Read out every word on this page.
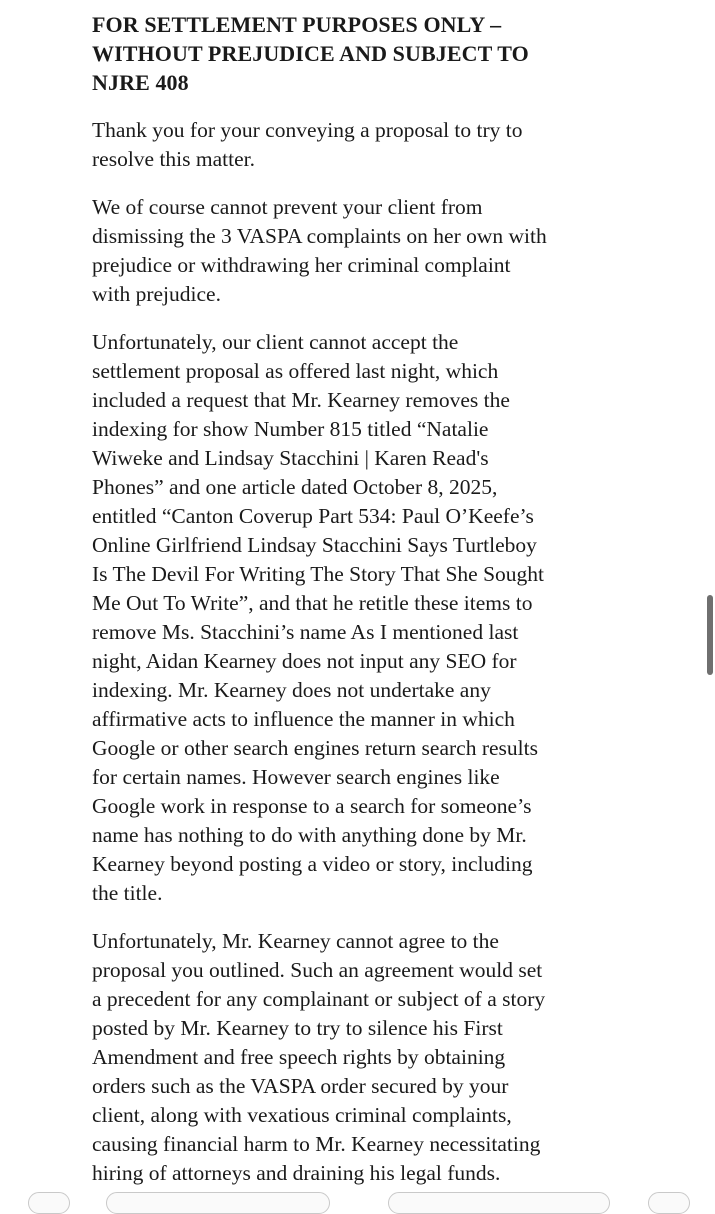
FOR SETTLEMENT PURPOSES ONLY –
WITHOUT PREJUDICE AND SUBJECT TO
NJRE 408
Thank you for your conveying a proposal to try to
resolve this matter.
We of course cannot prevent your client from
dismissing the 3 VASPA complaints on her own with
prejudice or withdrawing her criminal complaint
with prejudice.
Unfortunately, our client cannot accept the
settlement proposal as offered last night, which
included a request that Mr. Kearney removes the
indexing for show Number 815 titled “Natalie
Wiweke and Lindsay Stacchini | Karen Read's
Phones” and one article dated October 8, 2025,
entitled “Canton Coverup Part 534: Paul O’Keefe’s
Online Girlfriend Lindsay Stacchini Says Turtleboy
Is The Devil For Writing The Story That She Sought
Me Out To Write”, and that he retitle these items to
remove Ms. Stacchini’s name As I mentioned last
night, Aidan Kearney does not input any SEO for
indexing. Mr. Kearney does not undertake any
affirmative acts to influence the manner in which
Google or other search engines return search results
for certain names. However search engines like
Google work in response to a search for someone’s
name has nothing to do with anything done by Mr.
Kearney beyond posting a video or story, including
the title.
Unfortunately, Mr. Kearney cannot agree to the
proposal you outlined. Such an agreement would set
a precedent for any complainant or subject of a story
posted by Mr. Kearney to try to silence his First
Amendment and free speech rights by obtaining
orders such as the VASPA order secured by your
client, along with vexatious criminal complaints,
causing financial harm to Mr. Kearney necessitating
hiring of attorneys and draining his legal funds.
